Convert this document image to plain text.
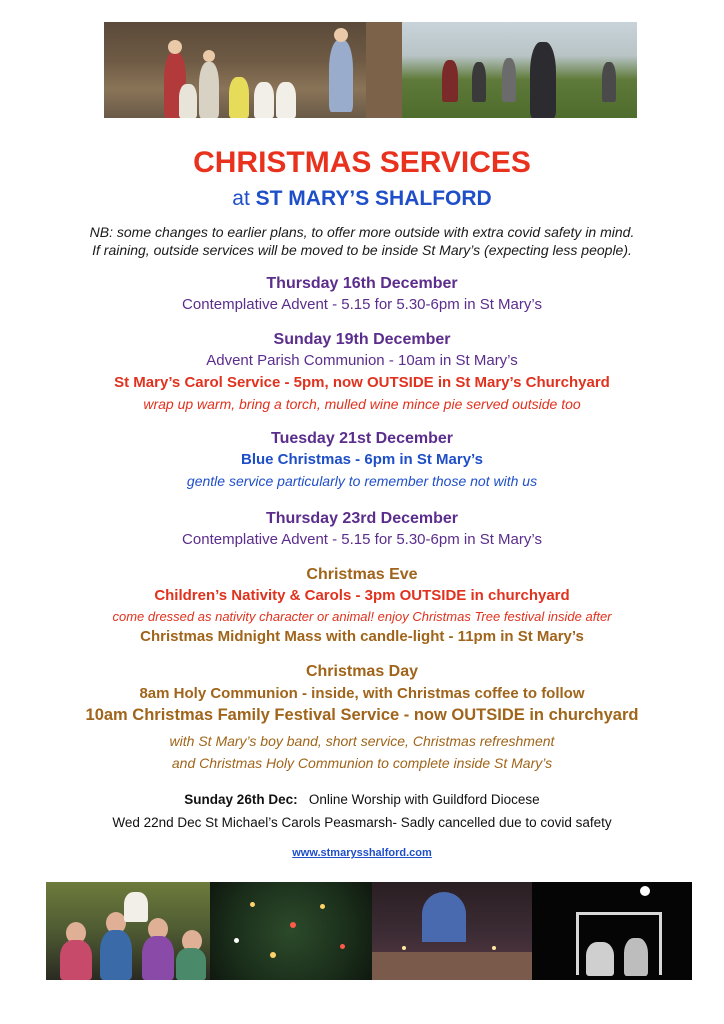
CHRISTMAS SERVICES
at ST MARY’S SHALFORD
NB: some changes to earlier plans, to offer more outside with extra covid safety in mind.
If raining, outside services will be moved to be inside St Mary’s (expecting less people).
Thursday 16th December
Contemplative Advent - 5.15 for 5.30-6pm in St Mary’s
Sunday 19th December
Advent Parish Communion - 10am in St Mary’s
St Mary’s Carol Service - 5pm, now OUTSIDE in St Mary’s Churchyard
wrap up warm, bring a torch, mulled wine mince pie served outside too
Tuesday 21st December
Blue Christmas - 6pm in St Mary’s
gentle service particularly to remember those not with us
Thursday 23rd December
Contemplative Advent - 5.15 for 5.30-6pm in St Mary’s
Christmas Eve
Children’s Nativity & Carols - 3pm OUTSIDE in churchyard
come dressed as nativity character or animal! enjoy Christmas Tree festival inside after
Christmas Midnight Mass with candle-light - 11pm in St Mary’s
Christmas Day
8am Holy Communion - inside, with Christmas coffee to follow
10am Christmas Family Festival Service - now OUTSIDE in churchyard
with St Mary’s boy band, short service, Christmas refreshment
and Christmas Holy Communion to complete inside St Mary’s
Sunday 26th Dec: Online Worship with Guildford Diocese
Wed 22nd Dec St Michael’s Carols Peasmarsh- Sadly cancelled due to covid safety
www.stmarysshalford.com
